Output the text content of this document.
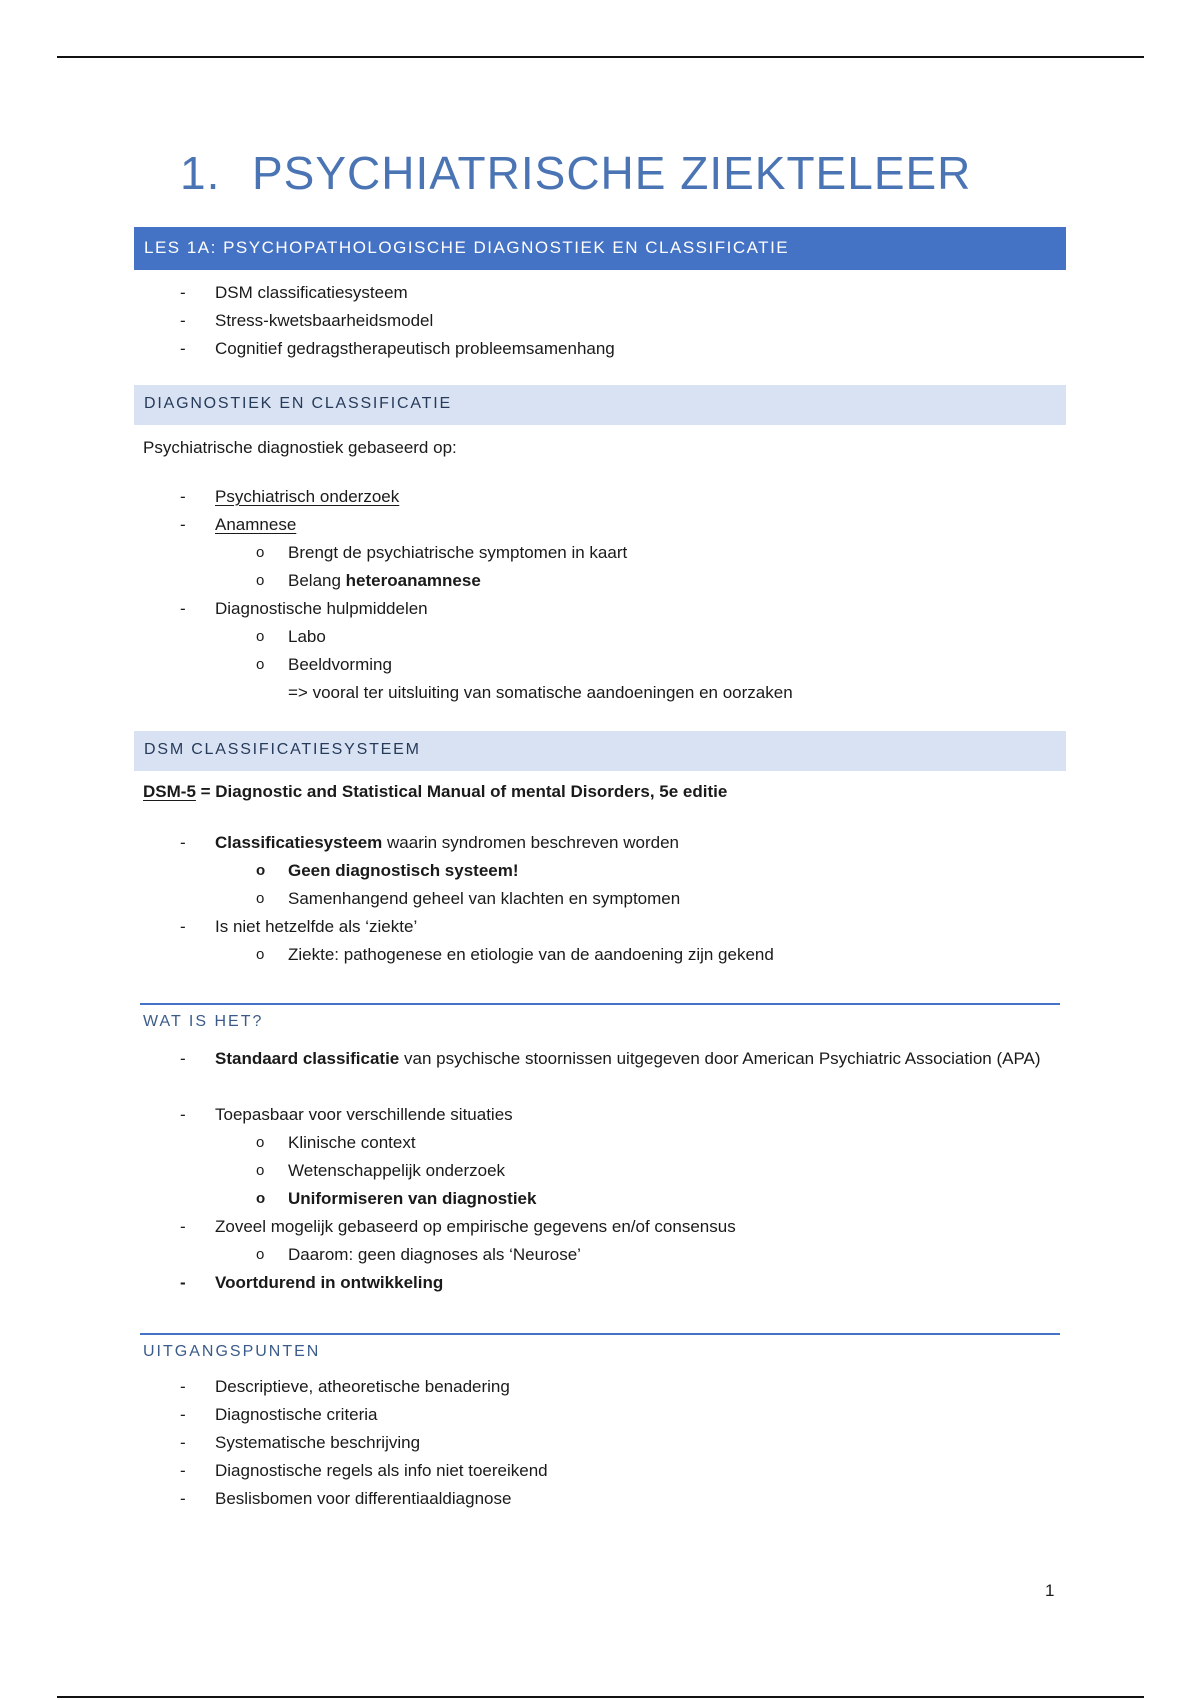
1. PSYCHIATRISCHE ZIEKTELEER
LES 1A: PSYCHOPATHOLOGISCHE DIAGNOSTIEK EN CLASSIFICATIE
- DSM classificatiesysteem
- Stress-kwetsbaarheidsmodel
- Cognitief gedragstherapeutisch probleemsamenhang
DIAGNOSTIEK EN CLASSIFICATIE
Psychiatrische diagnostiek gebaseerd op:
- Psychiatrisch onderzoek
- Anamnese
o Brengt de psychiatrische symptomen in kaart
o Belang heteroanamnese
- Diagnostische hulpmiddelen
o Labo
o Beeldvorming
=> vooral ter uitsluiting van somatische aandoeningen en oorzaken
DSM CLASSIFICATIESYSTEEM
DSM-5 = Diagnostic and Statistical Manual of mental Disorders, 5e editie
- Classificatiesysteem waarin syndromen beschreven worden
o Geen diagnostisch systeem!
o Samenhangend geheel van klachten en symptomen
- Is niet hetzelfde als ‘ziekte’
o Ziekte: pathogenese en etiologie van de aandoening zijn gekend
WAT IS HET?
- Standaard classificatie van psychische stoornissen uitgegeven door American Psychiatric Association (APA)
- Toepasbaar voor verschillende situaties
o Klinische context
o Wetenschappelijk onderzoek
o Uniformiseren van diagnostiek
- Zoveel mogelijk gebaseerd op empirische gegevens en/of consensus
o Daarom: geen diagnoses als ‘Neurose’
- Voortdurend in ontwikkeling
UITGANGSPUNTEN
- Descriptieve, atheoretische benadering
- Diagnostische criteria
- Systematische beschrijving
- Diagnostische regels als info niet toereikend
- Beslisbomen voor differentiaaldiagnose
1
